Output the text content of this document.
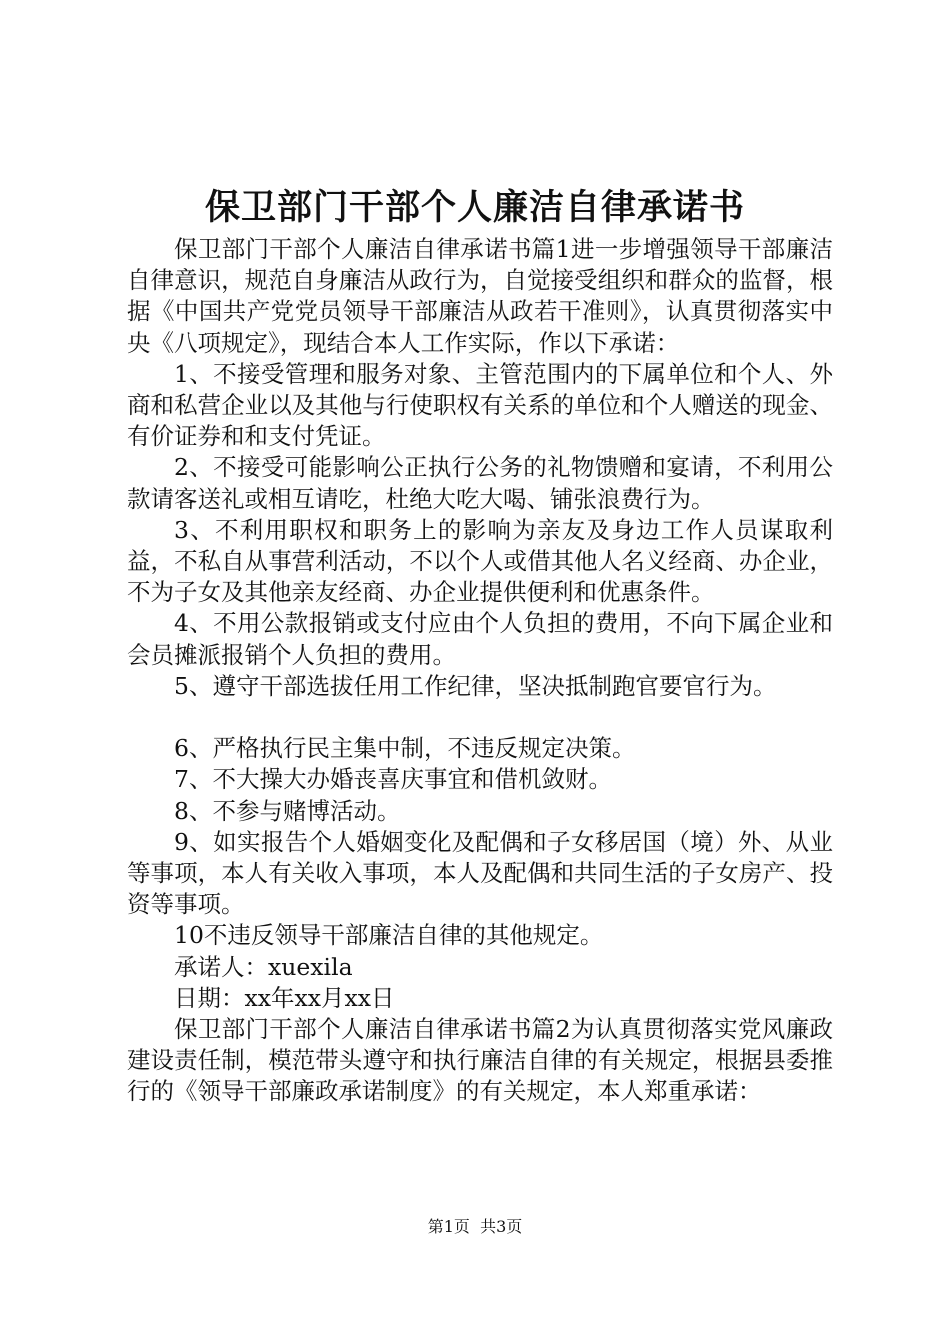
保卫部门干部个人廉洁自律承诺书

保卫部门干部个人廉洁自律承诺书篇1进一步增强领导干部廉洁自律意识，规范自身廉洁从政行为，自觉接受组织和群众的监督，根据《中国共产党党员领导干部廉洁从政若干准则》，认真贯彻落实中央《八项规定》，现结合本人工作实际，作以下承诺：

1、不接受管理和服务对象、主管范围内的下属单位和个人、外商和私营企业以及其他与行使职权有关系的单位和个人赠送的现金、有价证券和和支付凭证。

2、不接受可能影响公正执行公务的礼物馈赠和宴请，不利用公款请客送礼或相互请吃，杜绝大吃大喝、铺张浪费行为。

3、不利用职权和职务上的影响为亲友及身边工作人员谋取利益，不私自从事营利活动，不以个人或借其他人名义经商、办企业，不为子女及其他亲友经商、办企业提供便利和优惠条件。

4、不用公款报销或支付应由个人负担的费用，不向下属企业和会员摊派报销个人负担的费用。

5、遵守干部选拔任用工作纪律，坚决抵制跑官要官行为。

6、严格执行民主集中制，不违反规定决策。

7、不大操大办婚丧喜庆事宜和借机敛财。

8、不参与赌博活动。

9、如实报告个人婚姻变化及配偶和子女移居国（境）外、从业等事项，本人有关收入事项，本人及配偶和共同生活的子女房产、投资等事项。

10不违反领导干部廉洁自律的其他规定。

承诺人：xuexila

日期：xx年xx月xx日

保卫部门干部个人廉洁自律承诺书篇2为认真贯彻落实党风廉政建设责任制，模范带头遵守和执行廉洁自律的有关规定，根据县委推行的《领导干部廉政承诺制度》的有关规定，本人郑重承诺：

第1页 共3页
